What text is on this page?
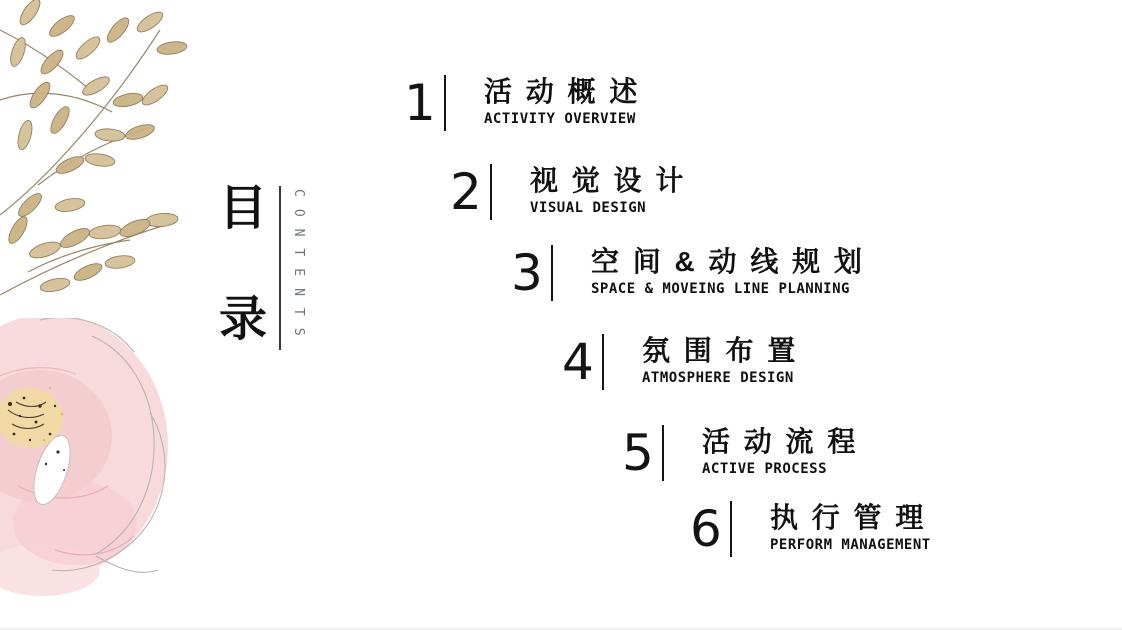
目
录 CONTENTS
1 活 动 概 述
ACTIVITY OVERVIEW
2 视 觉 设 计
VISUAL DESIGN
3 空 间 & 动 线 规 划
SPACE & MOVEING LINE PLANNING
4 氛 围 布 置
ATMOSPHERE DESIGN
5 活 动 流 程
ACTIVE PROCESS
6 执 行 管 理
PERFORM MANAGEMENT
